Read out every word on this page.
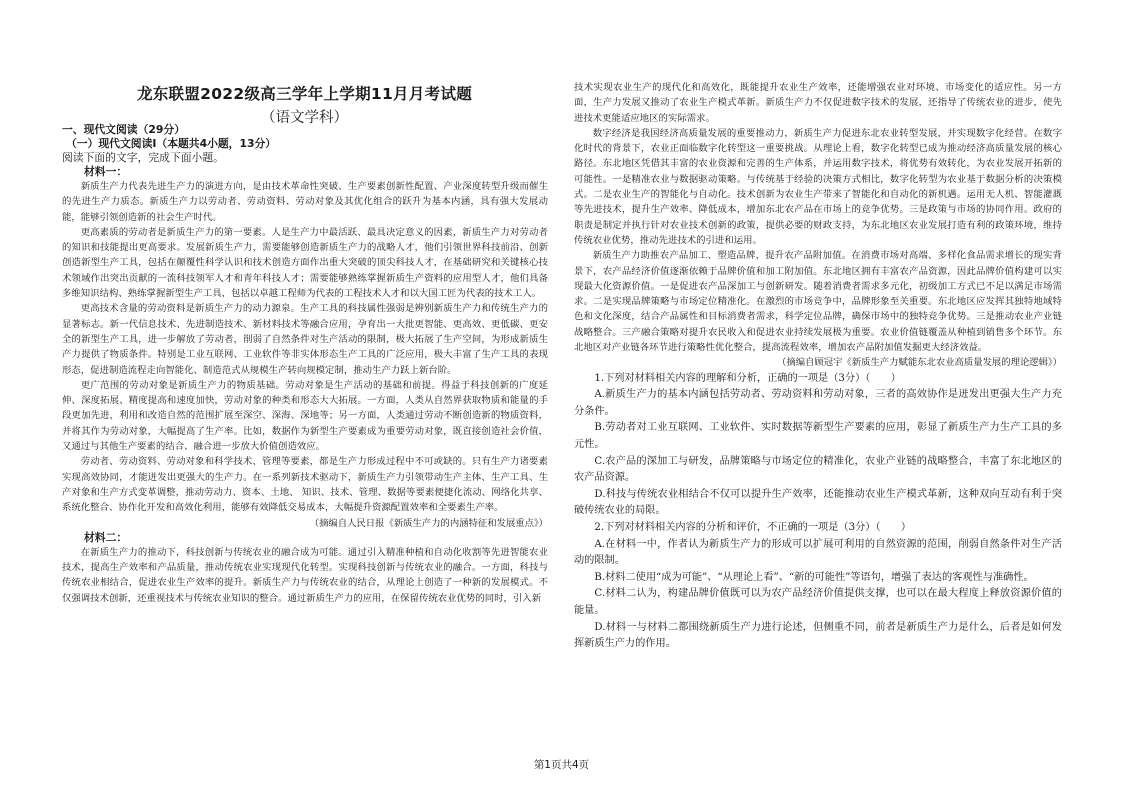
龙东联盟2022级高三学年上学期11月月考试题
（语文学科）

一、现代文阅读（29分）

（一）现代文阅读Ⅰ（本题共4小题，13分）

阅读下面的文字，完成下面小题。

材料一：

新质生产力代表先进生产力的演进方向，是由技术革命性突破、生产要素创新性配置、产业深度转型升级而催生的先进生产力质态。新质生产力以劳动者、劳动资料、劳动对象及其优化组合的跃升为基本内涵，具有强大发展动能，能够引领创造新的社会生产时代。

更高素质的劳动者是新质生产力的第一要素。人是生产力中最活跃、最具决定意义的因素，新质生产力对劳动者的知识和技能提出更高要求。发展新质生产力，需要能够创造新质生产力的战略人才，他们引领世界科技前沿、创新创造新型生产工具，包括在颠覆性科学认识和技术创造方面作出重大突破的顶尖科技人才，在基础研究和关键核心技术领域作出突出贡献的一流科技领军人才和青年科技人才；需要能够熟练掌握新质生产资料的应用型人才，他们具备多维知识结构、熟练掌握新型生产工具，包括以卓越工程师为代表的工程技术人才和以大国工匠为代表的技术工人。

更高技术含量的劳动资料是新质生产力的动力源泉。生产工具的科技属性强弱是辨别新质生产力和传统生产力的显著标志。新一代信息技术、先进制造技术、新材料技术等融合应用，孕育出一大批更智能、更高效、更低碳、更安全的新型生产工具，进一步解放了劳动者，削弱了自然条件对生产活动的限制，极大拓展了生产空间，为形成新质生产力提供了物质条件。特别是工业互联网、工业软件等非实体形态生产工具的广泛应用，极大丰富了生产工具的表现形态，促进制造流程走向智能化、制造范式从规模生产转向规模定制，推动生产力跃上新台阶。

更广范围的劳动对象是新质生产力的物质基础。劳动对象是生产活动的基础和前提。得益于科技创新的广度延伸、深度拓展、精度提高和速度加快，劳动对象的种类和形态大大拓展。一方面，人类从自然界获取物质和能量的手段更加先进，利用和改造自然的范围扩展至深空、深海、深地等；另一方面，人类通过劳动不断创造新的物质资料，并将其作为劳动对象，大幅提高了生产率。比如，数据作为新型生产要素成为重要劳动对象，既直接创造社会价值，又通过与其他生产要素的结合、融合进一步放大价值创造效应。

劳动者、劳动资料、劳动对象和科学技术、管理等要素，都是生产力形成过程中不可或缺的。只有生产力诸要素实现高效协同，才能迸发出更强大的生产力。在一系列新技术驱动下，新质生产力引领带动生产主体、生产工具、生产对象和生产方式变革调整，推动劳动力、资本、土地、 知识、技术、管理、数据等要素便捷化流动、网络化共享、系统化整合、协作化开发和高效化利用，能够有效降低交易成本，大幅提升资源配置效率和全要素生产率。

（摘编自人民日报《新质生产力的内涵特征和发展重点》）

材料二：

在新质生产力的推动下，科技创新与传统农业的融合成为可能。通过引入精准种植和自动化收割等先进智能农业技术，提高生产效率和产品质量，推动传统农业实现现代化转型。实现科技创新与传统农业的融合。一方面，科技与传统农业相结合，促进农业生产效率的提升。新质生产力与传统农业的结合，从理论上创造了一种新的发展模式。不仅强调技术创新，还重视技术与传统农业知识的整合。通过新质生产力的应用，在保留传统农业优势的同时，引入新

技术实现农业生产的现代化和高效化，既能提升农业生产效率，还能增强农业对环境、市场变化的适应性。另一方面，生产力发展又推动了农业生产模式革新。新质生产力不仅促进数字技术的发展，还指导了传统农业的进步，使先进技术更能适应地区的实际需求。

数字经济是我国经济高质量发展的重要推动力，新质生产力促进东北农业转型发展，并实现数字化经营。在数字化时代的背景下，农业正面临数字化转型这一重要挑战。从理论上看，数字化转型已成为推动经济高质量发展的核心路径。东北地区凭借其丰富的农业资源和完善的生产体系，并运用数字技术，将优势有效转化，为农业发展开拓新的可能性。一是精准农业与数据驱动策略。与传统基于经验的决策方式相比，数字化转型为农业基于数据分析的决策模式。二是农业生产的智能化与自动化。技术创新为农业生产带来了智能化和自动化的新机遇。运用无人机、智能灌溉等先进技术，提升生产效率、降低成本，增加东北农产品在市场上的竞争优势。三是政策与市场的协同作用。政府的职责是制定并执行针对农业技术创新的政策，提供必要的财政支持，为东北地区农业发展打造有利的政策环境，维持传统农业优势，推动先进技术的引进和运用。

新质生产力助推农产品加工、塑造品牌，提升农产品附加值。在消费市场对高端、多样化食品需求增长的现实背景下，农产品经济价值逐渐依赖于品牌价值和加工附加值。东北地区拥有丰富农产品资源，因此品牌价值构建可以实现最大化资源价值。一是促进农产品深加工与创新研发。随着消费者需求多元化，初级加工方式已不足以满足市场需求。二是实现品牌策略与市场定位精准化。在激烈的市场竞争中，品牌形象至关重要。东北地区应发挥其独特地域特色和文化深度，结合产品属性和目标消费者需求，科学定位品牌，确保市场中的独特竞争优势。三是推动农业产业链战略整合。三产融合策略对提升农民收入和促进农业持续发展极为重要。农业价值链覆盖从种植到销售多个环节。东北地区对产业链各环节进行策略性优化整合，提高流程效率，增加农产品附加值发掘更大经济效益。

（摘编自顾冠宇《新质生产力赋能东北农业高质量发展的理论逻辑》）

1.下列对材料相关内容的理解和分析，正确的一项是（3分）（　　）

A.新质生产力的基本内涵包括劳动者、劳动资料和劳动对象，三者的高效协作是迸发出更强大生产力充分条件。

B.劳动者对工业互联网、工业软件、实时数据等新型生产要素的应用，彰显了新质生产力生产工具的多元性。

C.农产品的深加工与研发，品牌策略与市场定位的精准化，农业产业链的战略整合，丰富了东北地区的农产品资源。

D.科技与传统农业相结合不仅可以提升生产效率，还能推动农业生产模式革新，这种双向互动有利于突破传统农业的局限。

2.下列对材料相关内容的分析和评价，不正确的一项是（3分）（　　）

A.在材料一中，作者认为新质生产力的形成可以扩展可利用的自然资源的范围，削弱自然条件对生产活动的限制。

B.材料二使用“成为可能”、“从理论上看”、“新的可能性”等语句，增强了表达的客观性与准确性。

C.材料二认为，构建品牌价值既可以为农产品经济价值提供支撑，也可以在最大程度上释放资源价值的能量。

D.材料一与材料二都围绕新质生产力进行论述，但侧重不同，前者是新质生产力是什么，后者是如何发挥新质生产力的作用。

第1页共4页
